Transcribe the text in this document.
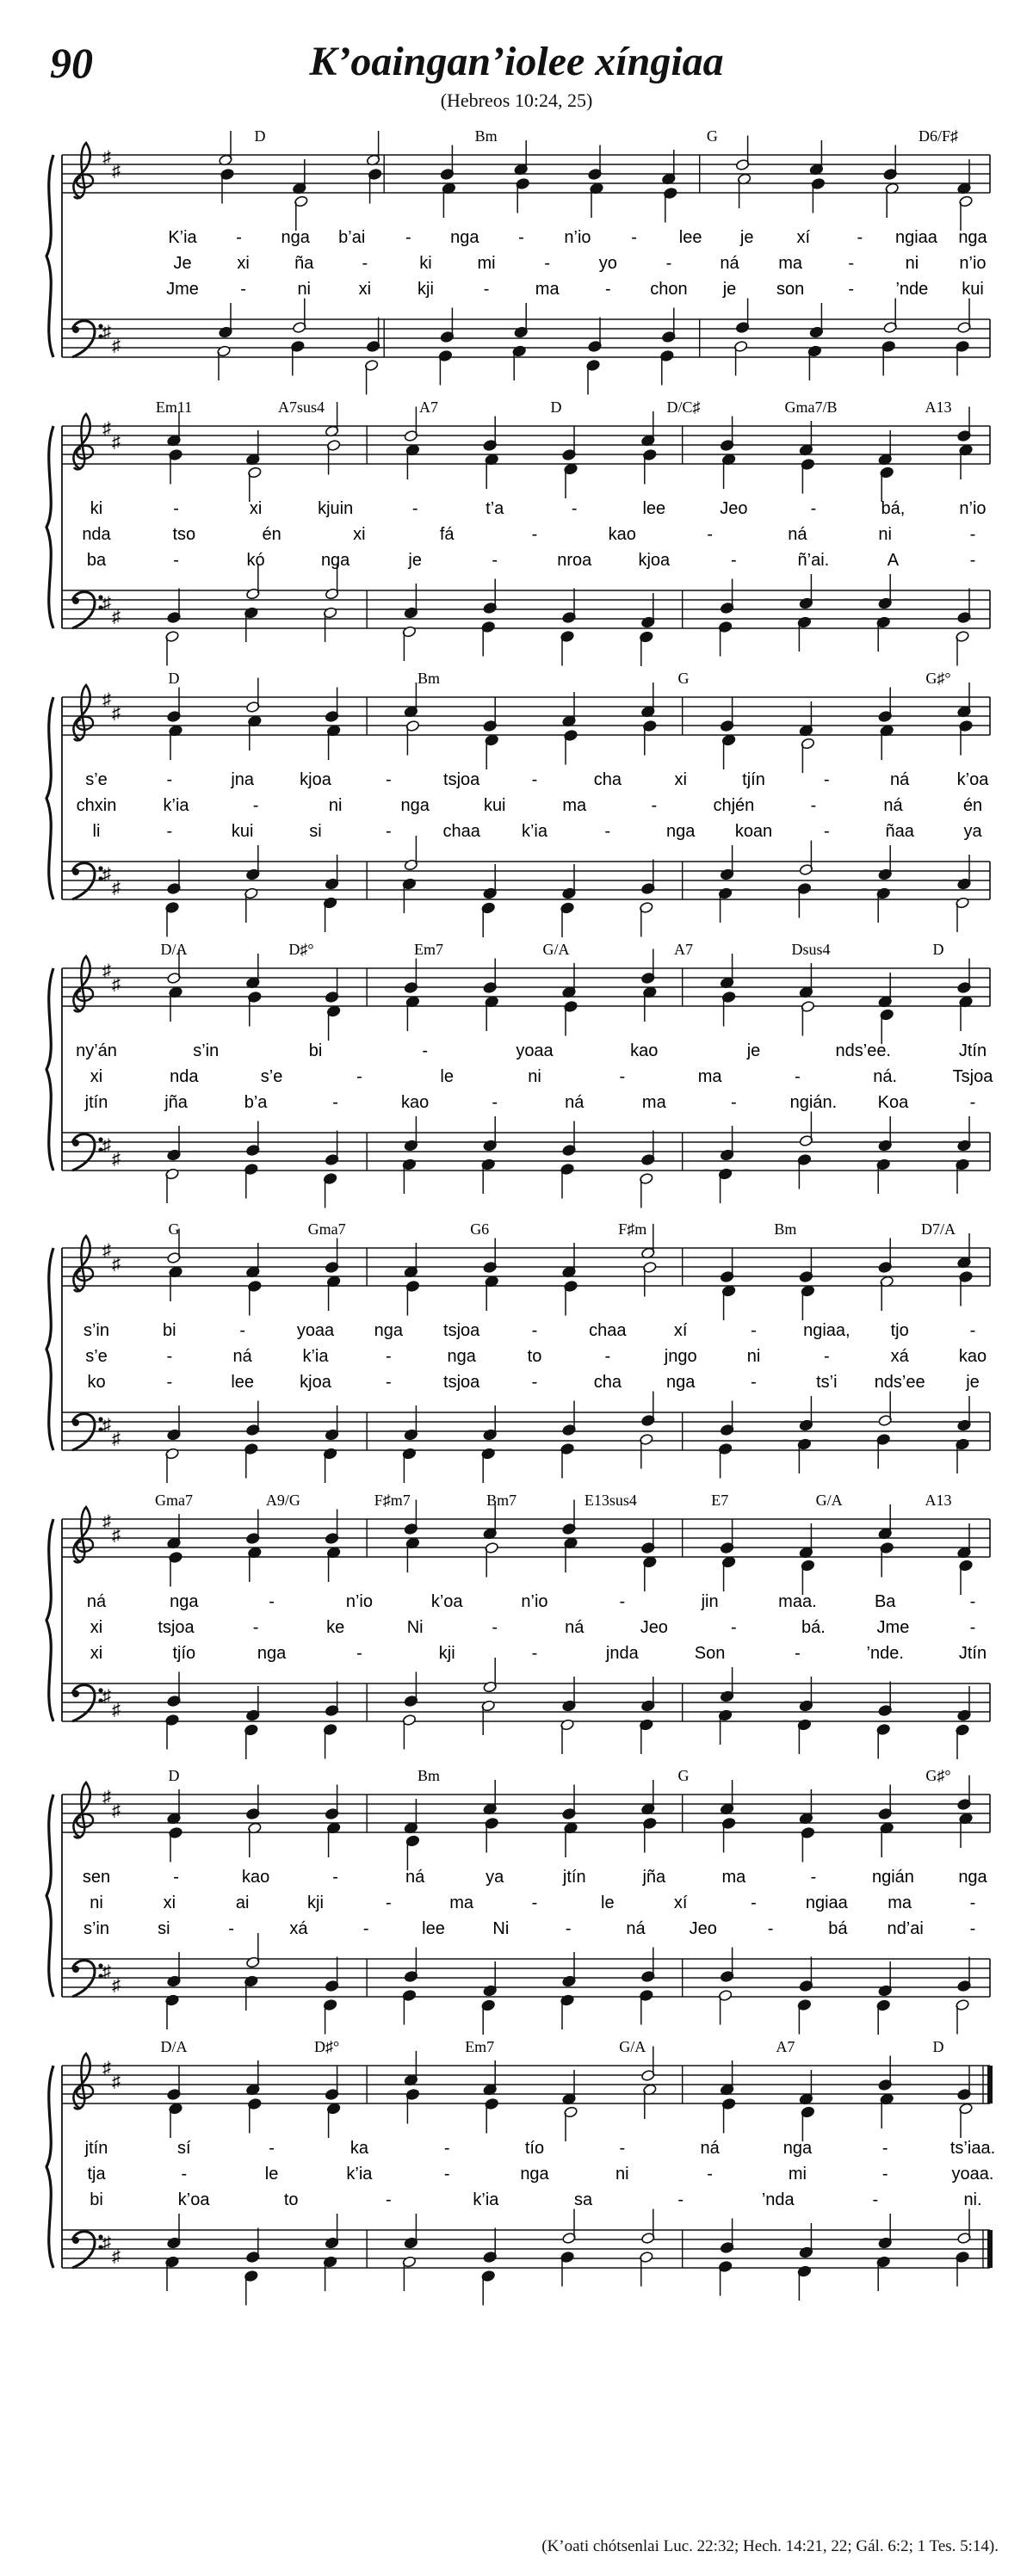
90	K’oaingan’iolee xíngiaa
(Hebreos 10:24, 25)
♯
♯
♯
♯
D	Bm	G	D6/F♯
K’ia - nga b’ai - nga - n’io - lee je	xí	- ngiaa nga
Je	xi	ña	-	ki	mi	-	yo	-	ná ma	-	ni n’io
Jme -	ni	xi	kji	-	ma	- chon je son	- ’nde kui
♯
♯
♯
♯
Em11	A7sus4	A7	D	D/C♯	Gma7/B	A13
ki	-	xi	kjuin	-	t’a	-	lee	Jeo	-	bá,	n’io
nda	tso	én	xi	fá	-	kao	-	ná	ni	-
ba	-	kó	nga	je	-	nroa	kjoa	-	ñ’ai.	A	-
♯
♯
♯
♯
D	Bm	G	G♯°
s’e	-	jna	kjoa	-	tsjoa	-	cha	xi	tjín	-	ná	k’oa
chxin	k’ia	-	ni	nga	kui	ma	-	chjén	-	ná	én
li	-	kui	si	-	chaa k’ia	-	nga koan	-	ñaa	ya
♯
♯
♯
♯
D/A	D♯°	Em7	G/A	A7	Dsus4	D
ny’án	s’in	bi	-	yoaa	kao	je	nds’ee.	Jtín
xi	nda	s’e	-	le	ni	-	ma	-	ná.	Tsjoa
jtín	jña	b’a	-	kao	-	ná	ma	-	ngián. Koa	-
♯
♯
♯
♯
G	Gma7	G6	F♯m	Bm	D7/A
s’in	bi	-	yoaa nga tsjoa	-	chaa	xí	-	ngiaa, tjo	-
s’e	-	ná	k’ia	-	nga	to	-	jngo	ni	-	xá	kao
ko	-	lee	kjoa	-	tsjoa	-	cha	nga	-	ts’i nds’ee je
♯
♯
♯
♯
Gma7	A9/G	F♯m7	Bm7	E13sus4	E7	G/A	A13
ná	nga	-	n’io	k’oa	n’io	-	jin	maa.	Ba	-
xi	tsjoa	-	ke	Ni	-	ná	Jeo	-	bá.	Jme	-
xi	tjío	nga	-	kji	-	jnda	Son	-	’nde.	Jtín
♯
♯
♯
♯
D	Bm	G	G♯°
sen	-	kao	-	ná	ya	jtín	jña	ma	-	ngián	nga
ni	xi	ai	kji	-	ma	-	le	xí	-	ngiaa ma	-
s’in	si	-	xá	-	lee	Ni	-	ná	Jeo	-	bá nd’ai	-
♯
♯
♯
♯
D/A	D♯°	Em7	G/A	A7	D
jtín	sí	-	ka	-	tío	-	ná	nga	-	ts’iaa.
tja	-	le	k’ia	-	nga	ni	-	mi	-	yoaa.
bi	k’oa	to	-	k’ia	sa	-	’nda	-	ni.
(K’oati chótsenlai Luc. 22:32; Hech. 14:21, 22; Gál. 6:2; 1 Tes. 5:14).
